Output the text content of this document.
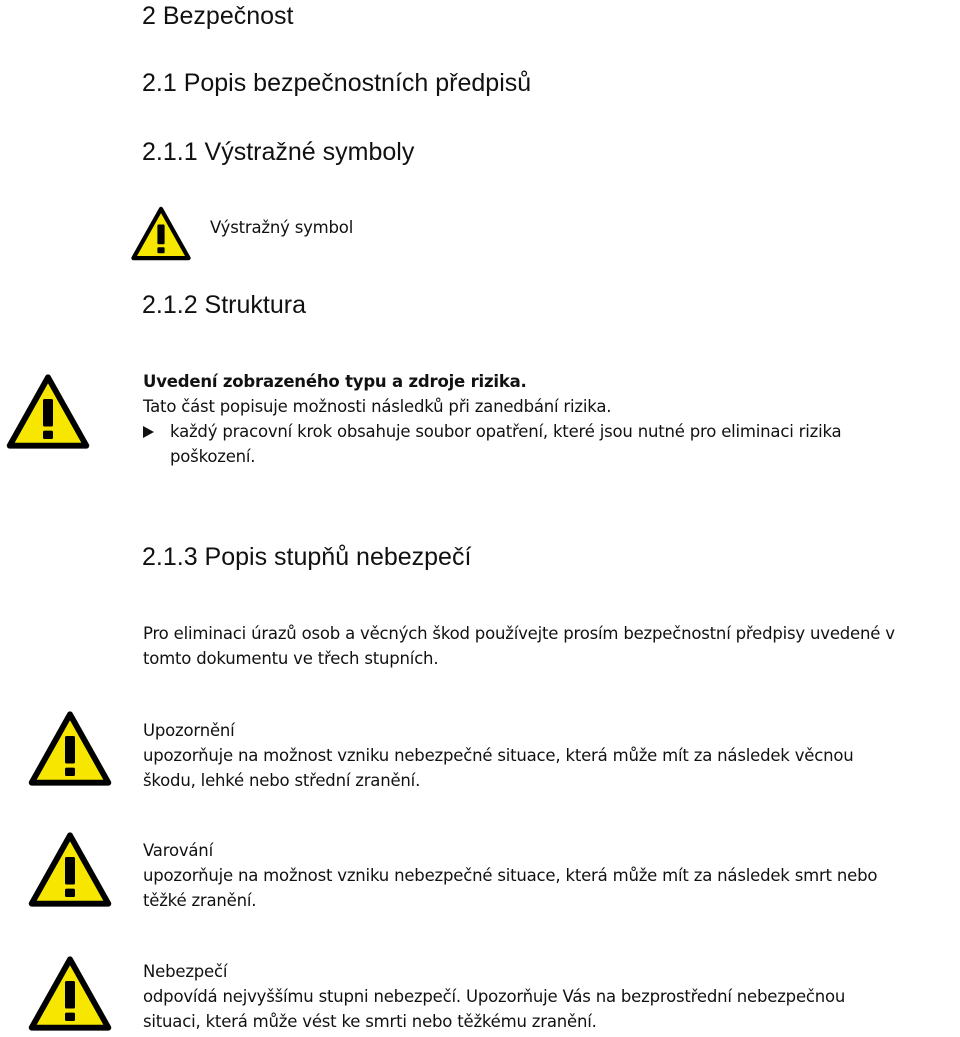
2 Bezpečnost
2.1 Popis bezpečnostních předpisů
2.1.1 Výstražné symboly
Výstražný symbol
2.1.2 Struktura
Uvedení zobrazeného typu a zdroje rizika.
Tato část popisuje možnosti následků při zanedbání rizika.
každý pracovní krok obsahuje soubor opatření, které jsou nutné pro eliminaci rizika
poškození.
2.1.3 Popis stupňů nebezpečí
Pro eliminaci úrazů osob a věcných škod používejte prosím bezpečnostní předpisy uvedené v
tomto dokumentu ve třech stupních.
Upozornění
upozorňuje na možnost vzniku nebezpečné situace, která může mít za následek věcnou
škodu, lehké nebo střední zranění.
Varování
upozorňuje na možnost vzniku nebezpečné situace, která může mít za následek smrt nebo
těžké zranění.
Nebezpečí
odpovídá nejvyššímu stupni nebezpečí. Upozorňuje Vás na bezprostřední nebezpečnou
situaci, která může vést ke smrti nebo těžkému zranění.
